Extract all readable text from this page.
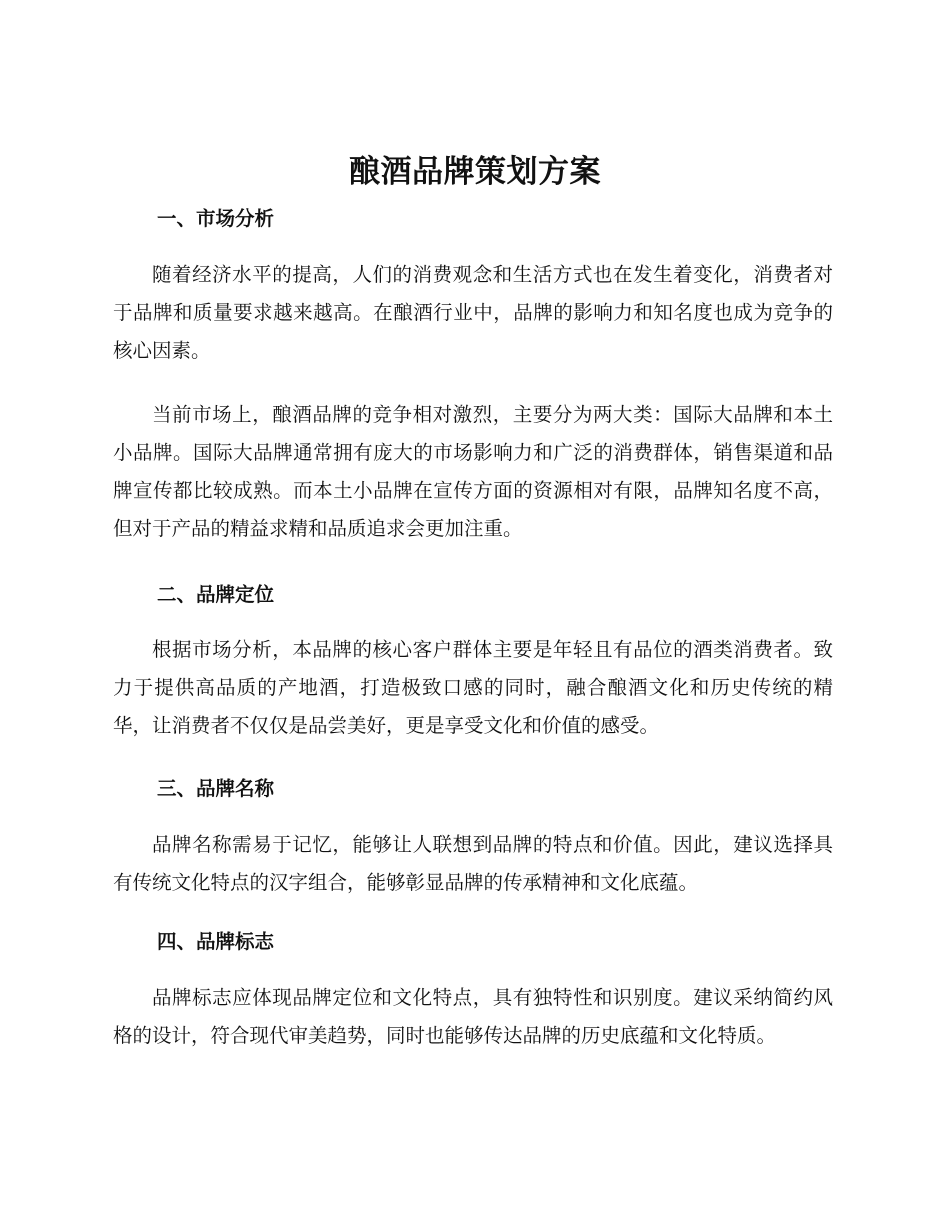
酿酒品牌策划方案
一、市场分析

随着经济水平的提高，人们的消费观念和生活方式也在发生着变化，消费者对于品牌和质量要求越来越高。在酿酒行业中，品牌的影响力和知名度也成为竞争的核心因素。

当前市场上，酿酒品牌的竞争相对激烈，主要分为两大类：国际大品牌和本土小品牌。国际大品牌通常拥有庞大的市场影响力和广泛的消费群体，销售渠道和品牌宣传都比较成熟。而本土小品牌在宣传方面的资源相对有限，品牌知名度不高，但对于产品的精益求精和品质追求会更加注重。

二、品牌定位

根据市场分析，本品牌的核心客户群体主要是年轻且有品位的酒类消费者。致力于提供高品质的产地酒，打造极致口感的同时，融合酿酒文化和历史传统的精华，让消费者不仅仅是品尝美好，更是享受文化和价值的感受。

三、品牌名称

品牌名称需易于记忆，能够让人联想到品牌的特点和价值。因此，建议选择具有传统文化特点的汉字组合，能够彰显品牌的传承精神和文化底蕴。

四、品牌标志

品牌标志应体现品牌定位和文化特点，具有独特性和识别度。建议采纳简约风格的设计，符合现代审美趋势，同时也能够传达品牌的历史底蕴和文化特质。
